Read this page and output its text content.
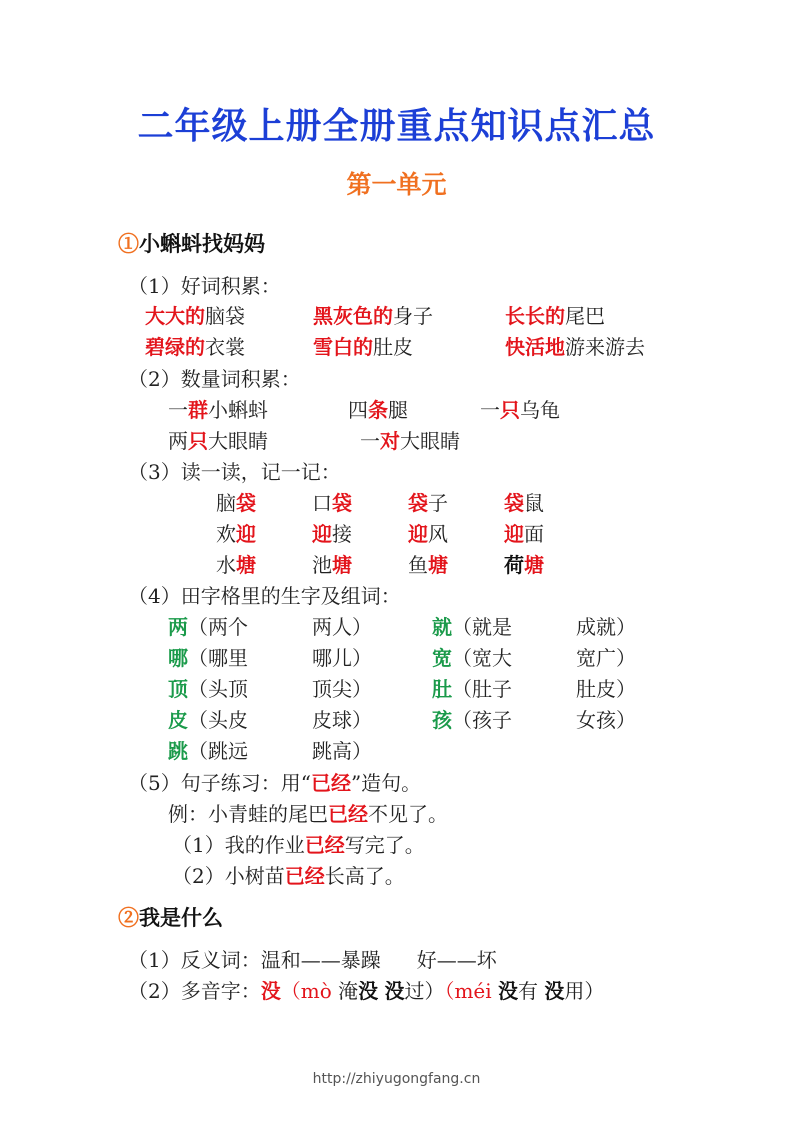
二年级上册全册重点知识点汇总
第一单元
①小蝌蚪找妈妈
（1）好词积累：
大大的脑袋	黑灰色的身子	长长的尾巴
碧绿的衣裳	雪白的肚皮	快活地游来游去
（2）数量词积累：
一群小蝌蚪	四条腿	一只乌龟
两只大眼睛	一对大眼睛
（3）读一读，记一记：
脑袋	口袋	袋子	袋鼠
欢迎	迎接	迎风	迎面
水塘	池塘	鱼塘	荷塘
（4）田字格里的生字及组词：
两（两个	两人）	就（就是	成就）
哪（哪里	哪儿）	宽（宽大	宽广）
顶（头顶	顶尖）	肚（肚子	肚皮）
皮（头皮	皮球）	孩（孩子	女孩）
跳（跳远	跳高）
（5）句子练习：用“已经”造句。
例：小青蛙的尾巴已经不见了。
（1）我的作业已经写完了。
（2）小树苗已经长高了。
②我是什么
（1）反义词：温和——暴躁 好——坏
（2）多音字：没（mò 淹没 没过）（méi 没有 没用）
http://zhiyugongfang.cn
